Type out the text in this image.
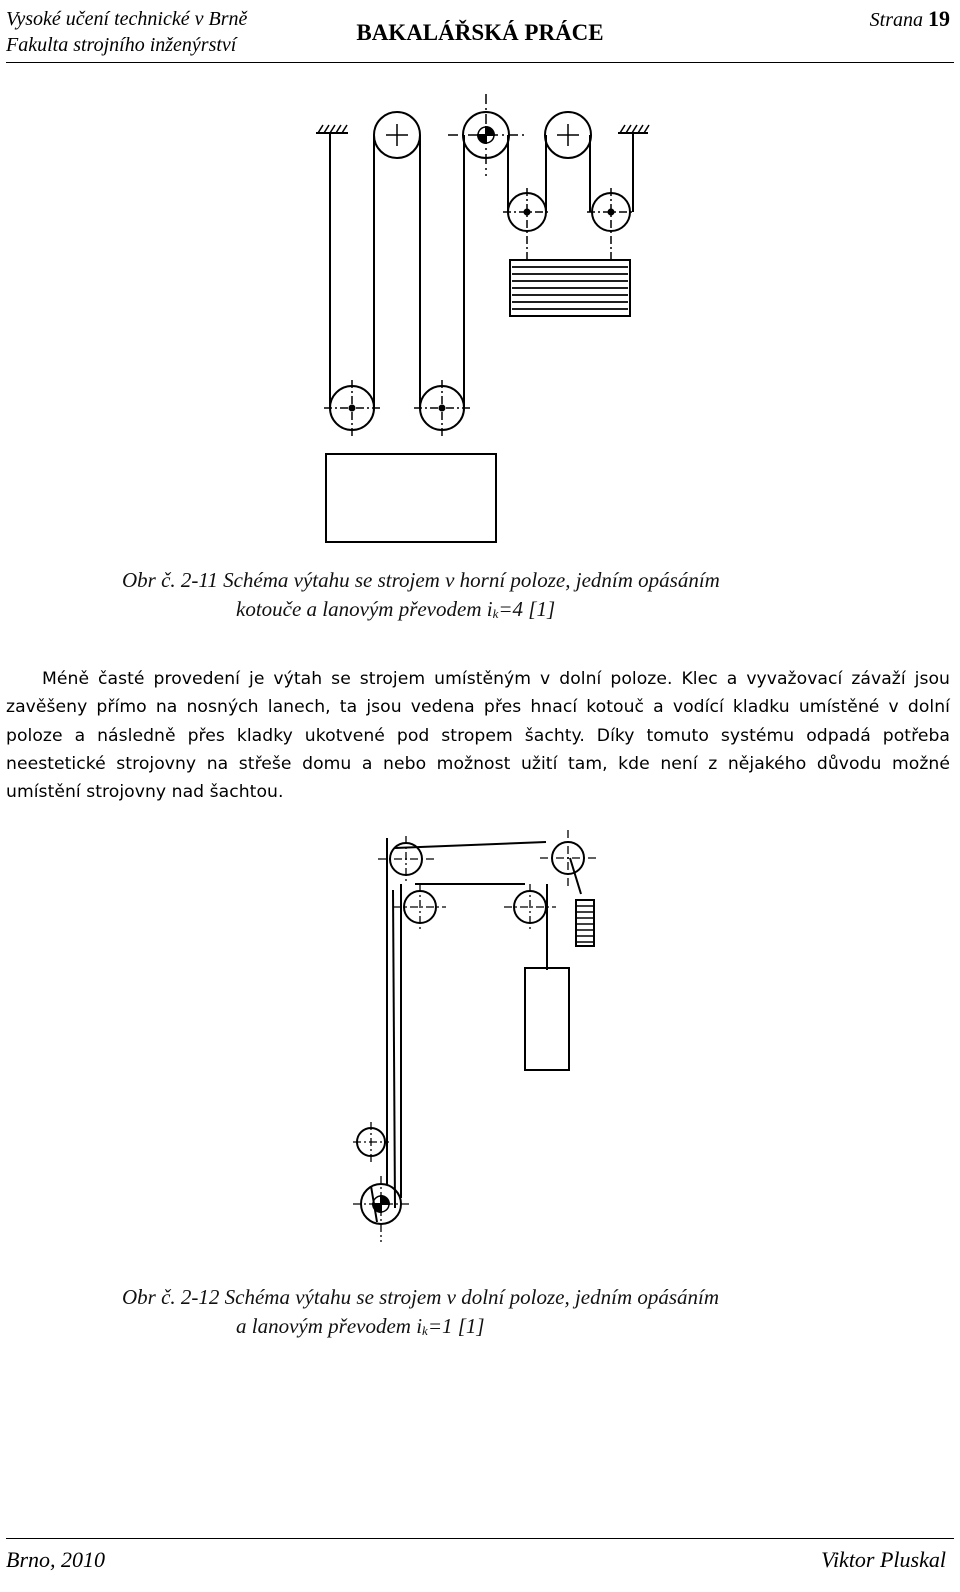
Vysoké učení technické v Brně
Fakulta strojního inženýrství	BAKALÁŘSKÁ PRÁCE	Strana 19
Obr č. 2-11 Schéma výtahu se strojem v horní poloze, jedním opásáním
kotouče a lanovým převodem $i_k=4$ [1]

Méně časté provedení je výtah se strojem umístěným v dolní poloze. Klec a vyvažovací závaží jsou zavěšeny přímo na nosných lanech, ta jsou vedena přes hnací kotouč a vodící kladku umístěné v dolní poloze a následně přes kladky ukotvené pod stropem šachty. Díky tomuto systému odpadá potřeba neestetické strojovny na střeše domu a nebo možnost užití tam, kde není z nějakého důvodu možné umístění strojovny nad šachtou.

Obr č. 2-12 Schéma výtahu se strojem v dolní poloze, jedním opásáním
a lanovým převodem $i_k=1$ [1]
Brno, 2010	Viktor Pluskal
